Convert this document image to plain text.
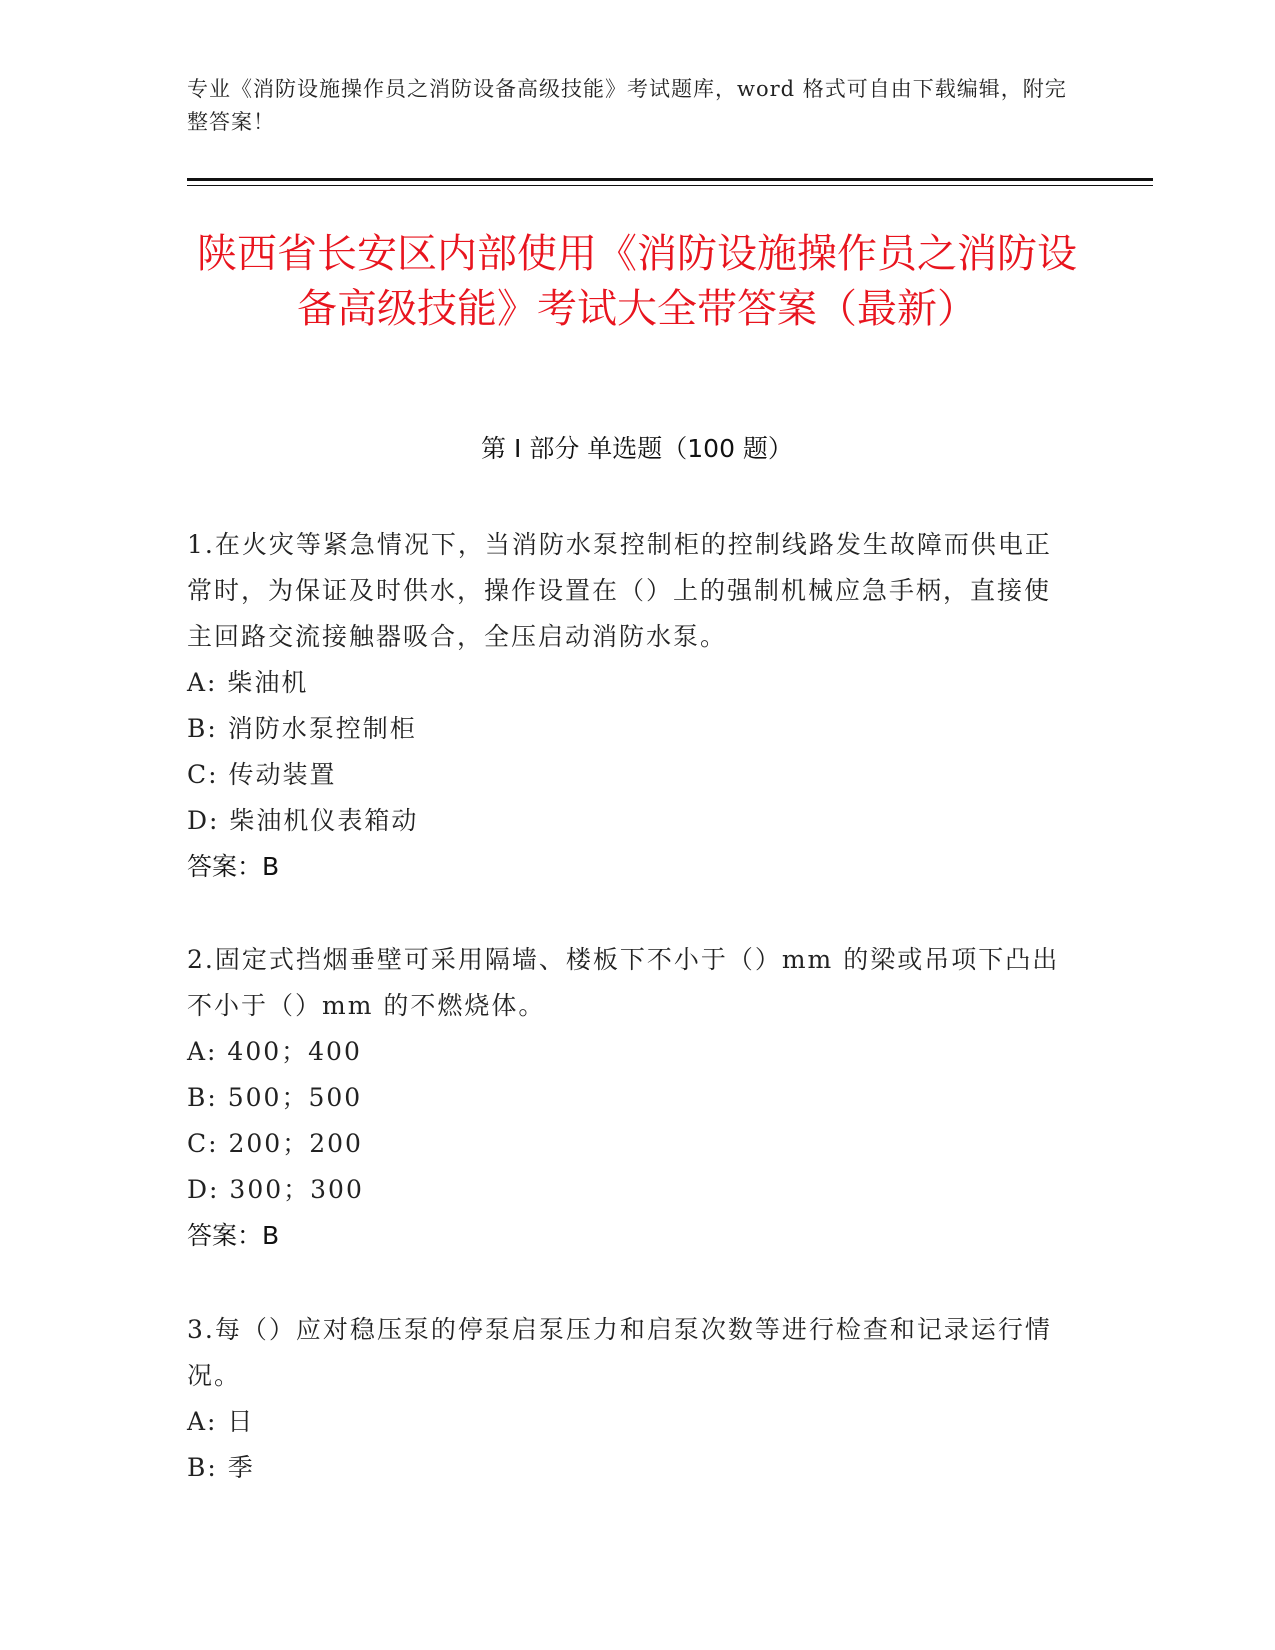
专业《消防设施操作员之消防设备高级技能》考试题库，word 格式可自由下载编辑，附完整答案！
陕西省长安区内部使用《消防设施操作员之消防设备高级技能》考试大全带答案（最新）
第 I 部分 单选题（100 题）

1.在火灾等紧急情况下，当消防水泵控制柜的控制线路发生故障而供电正常时，为保证及时供水，操作设置在（）上的强制机械应急手柄，直接使主回路交流接触器吸合，全压启动消防水泵。

A: 柴油机

B: 消防水泵控制柜

C: 传动装置

D: 柴油机仪表箱动

答案：B

2.固定式挡烟垂壁可采用隔墙、楼板下不小于（）mm 的梁或吊项下凸出不小于（）mm 的不燃烧体。

A: 400；400

B: 500；500

C: 200；200

D: 300；300

答案：B

3.每（）应对稳压泵的停泵启泵压力和启泵次数等进行检查和记录运行情况。

A: 日

B: 季
